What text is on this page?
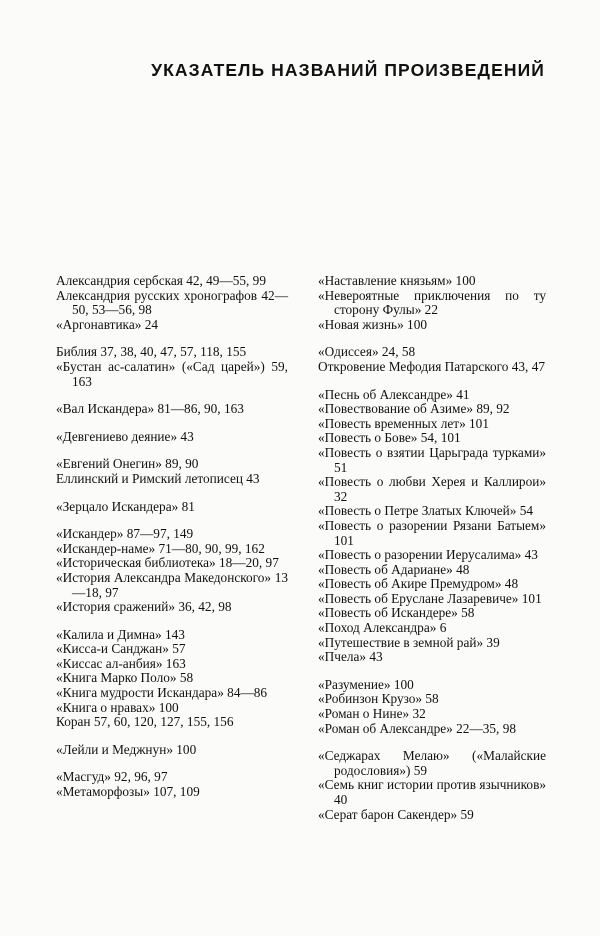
УКАЗАТЕЛЬ НАЗВАНИЙ ПРОИЗВЕДЕНИЙ
Александрия сербская 42, 49—55, 99
Александрия русских хронографов 42—50, 53—56, 98
«Аргонавтика» 24
Библия 37, 38, 40, 47, 57, 118, 155
«Бустан ас-салатин» («Сад царей») 59, 163
«Вал Искандера» 81—86, 90, 163
«Девгениево деяние» 43
«Евгений Онегин» 89, 90
Еллинский и Римский летописец 43
«Зерцало Искандера» 81
«Искандер» 87—97, 149
«Искандер-наме» 71—80, 90, 99, 162
«Историческая библиотека» 18—20, 97
«История Александра Македонского» 13—18, 97
«История сражений» 36, 42, 98
«Калила и Димна» 143
«Кисса-и Санджан» 57
«Киссас ал-анбия» 163
«Книга Марко Поло» 58
«Книга мудрости Искандара» 84—86
«Книга о нравах» 100
Коран 57, 60, 120, 127, 155, 156
«Лейли и Меджнун» 100
«Масгуд» 92, 96, 97
«Метаморфозы» 107, 109
«Наставление князьям» 100
«Невероятные приключения по ту сторону Фулы» 22
«Новая жизнь» 100
«Одиссея» 24, 58
Откровение Мефодия Патарского 43, 47
«Песнь об Александре» 41
«Повествование об Азиме» 89, 92
«Повесть временных лет» 101
«Повесть о Бове» 54, 101
«Повесть о взятии Царьграда турками» 51
«Повесть о любви Херея и Каллирои» 32
«Повесть о Петре Златых Ключей» 54
«Повесть о разорении Рязани Батыем» 101
«Повесть о разорении Иерусалима» 43
«Повесть об Адариане» 48
«Повесть об Акире Премудром» 48
«Повесть об Еруслане Лазаревиче» 101
«Повесть об Искандере» 58
«Поход Александра» 6
«Путешествие в земной рай» 39
«Пчела» 43
«Разумение» 100
«Робинзон Крузо» 58
«Роман о Нине» 32
«Роман об Александре» 22—35, 98
«Седжарах Мелаю» («Малайские родословия») 59
«Семь книг истории против язычников» 40
«Серат барон Сакендер» 59
